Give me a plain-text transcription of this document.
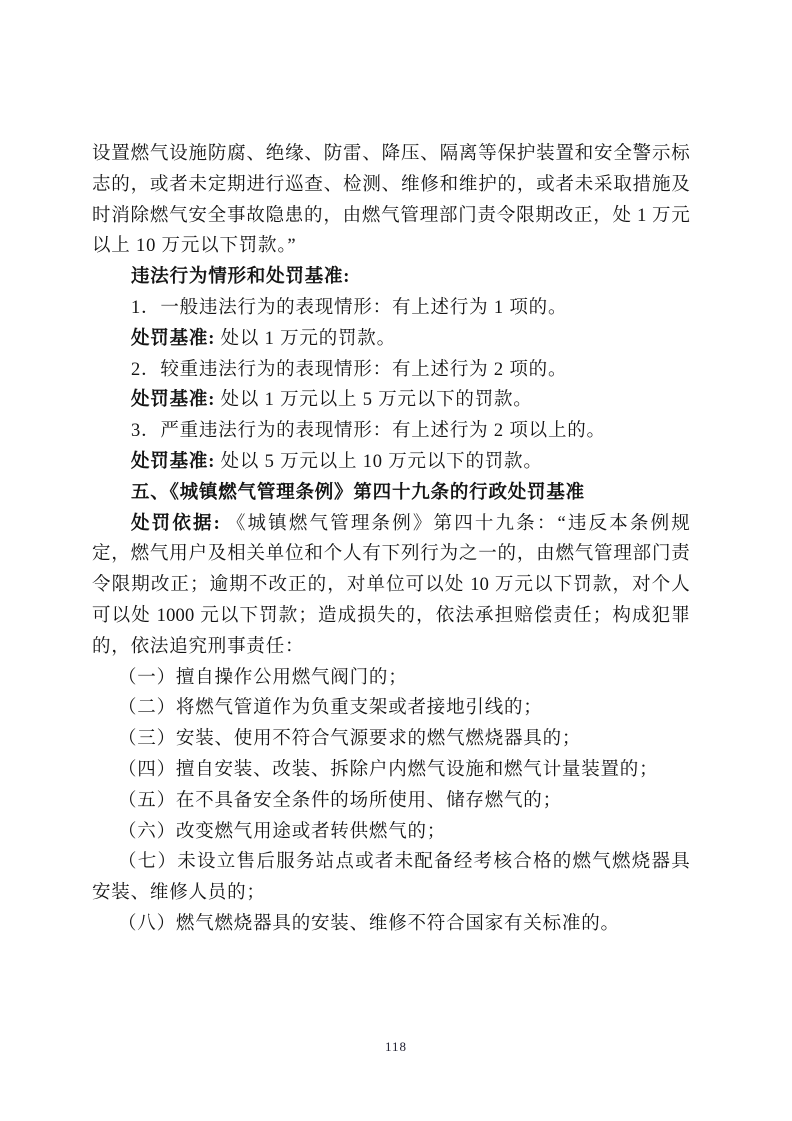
设置燃气设施防腐、绝缘、防雷、降压、隔离等保护装置和安全警示标
志的，或者未定期进行巡查、检测、维修和维护的，或者未采取措施及
时消除燃气安全事故隐患的，由燃气管理部门责令限期改正，处 1 万元
以上 10 万元以下罚款。”
违法行为情形和处罚基准:
1．一般违法行为的表现情形：有上述行为 1 项的。
处罚基准: 处以 1 万元的罚款。
2．较重违法行为的表现情形：有上述行为 2 项的。
处罚基准: 处以 1 万元以上 5 万元以下的罚款。
3．严重违法行为的表现情形：有上述行为 2 项以上的。
处罚基准: 处以 5 万元以上 10 万元以下的罚款。
五、《城镇燃气管理条例》第四十九条的行政处罚基准
处罚依据: 《城镇燃气管理条例》第四十九条：“违反本条例规
定，燃气用户及相关单位和个人有下列行为之一的，由燃气管理部门责
令限期改正；逾期不改正的，对单位可以处 10 万元以下罚款，对个人
可以处 1000 元以下罚款；造成损失的，依法承担赔偿责任；构成犯罪
的，依法追究刑事责任：
（一）擅自操作公用燃气阀门的；
（二）将燃气管道作为负重支架或者接地引线的；
（三）安装、使用不符合气源要求的燃气燃烧器具的；
（四）擅自安装、改装、拆除户内燃气设施和燃气计量装置的；
（五）在不具备安全条件的场所使用、储存燃气的；
（六）改变燃气用途或者转供燃气的；
（七）未设立售后服务站点或者未配备经考核合格的燃气燃烧器具
安装、维修人员的；
（八）燃气燃烧器具的安装、维修不符合国家有关标准的。
118
